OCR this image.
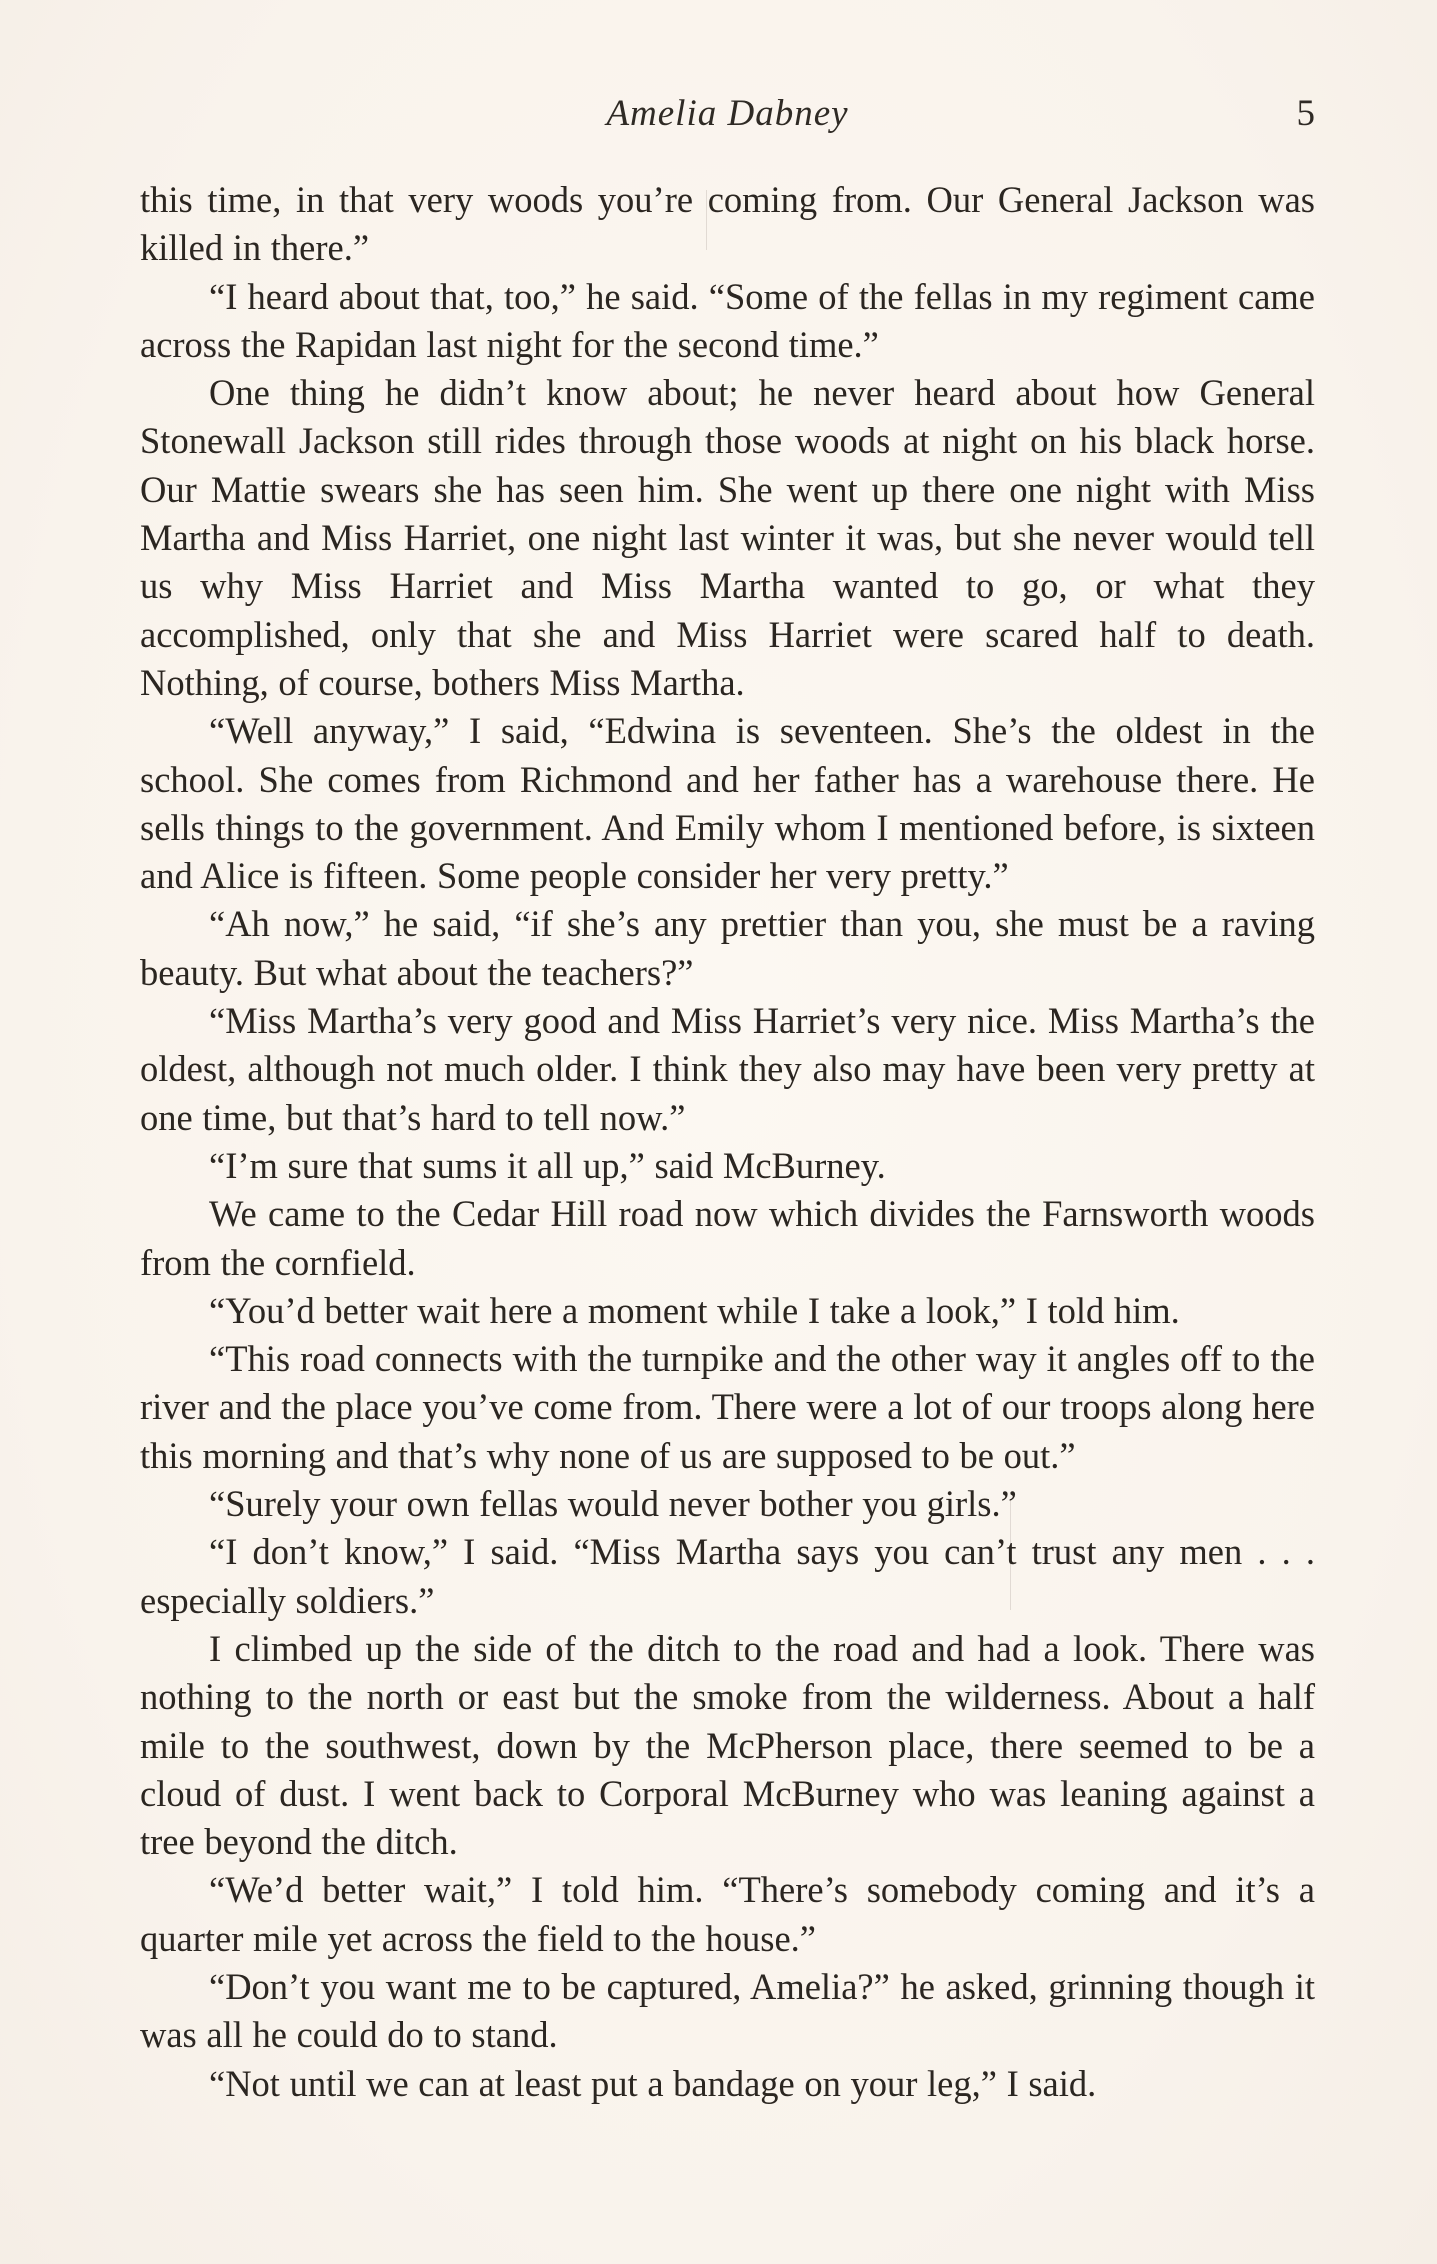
Amelia Dabney	5

this time, in that very woods you’re coming from. Our General Jackson was killed in there.”

“I heard about that, too,” he said. “Some of the fellas in my regiment came across the Rapidan last night for the second time.”

One thing he didn’t know about; he never heard about how General Stonewall Jackson still rides through those woods at night on his black horse. Our Mattie swears she has seen him. She went up there one night with Miss Martha and Miss Harriet, one night last winter it was, but she never would tell us why Miss Harriet and Miss Martha wanted to go, or what they accomplished, only that she and Miss Harriet were scared half to death. Nothing, of course, bothers Miss Martha.

“Well anyway,” I said, “Edwina is seventeen. She’s the oldest in the school. She comes from Richmond and her father has a warehouse there. He sells things to the government. And Emily whom I mentioned before, is sixteen and Alice is fifteen. Some people consider her very pretty.”

“Ah now,” he said, “if she’s any prettier than you, she must be a raving beauty. But what about the teachers?”

“Miss Martha’s very good and Miss Harriet’s very nice. Miss Martha’s the oldest, although not much older. I think they also may have been very pretty at one time, but that’s hard to tell now.”

“I’m sure that sums it all up,” said McBurney.

We came to the Cedar Hill road now which divides the Farnsworth woods from the cornfield.

“You’d better wait here a moment while I take a look,” I told him.

“This road connects with the turnpike and the other way it angles off to the river and the place you’ve come from. There were a lot of our troops along here this morning and that’s why none of us are supposed to be out.”

“Surely your own fellas would never bother you girls.”

“I don’t know,” I said. “Miss Martha says you can’t trust any men . . . especially soldiers.”

I climbed up the side of the ditch to the road and had a look. There was nothing to the north or east but the smoke from the wilderness. About a half mile to the southwest, down by the McPherson place, there seemed to be a cloud of dust. I went back to Corporal McBurney who was leaning against a tree beyond the ditch.

“We’d better wait,” I told him. “There’s somebody coming and it’s a quarter mile yet across the field to the house.”

“Don’t you want me to be captured, Amelia?” he asked, grinning though it was all he could do to stand.

“Not until we can at least put a bandage on your leg,” I said.
